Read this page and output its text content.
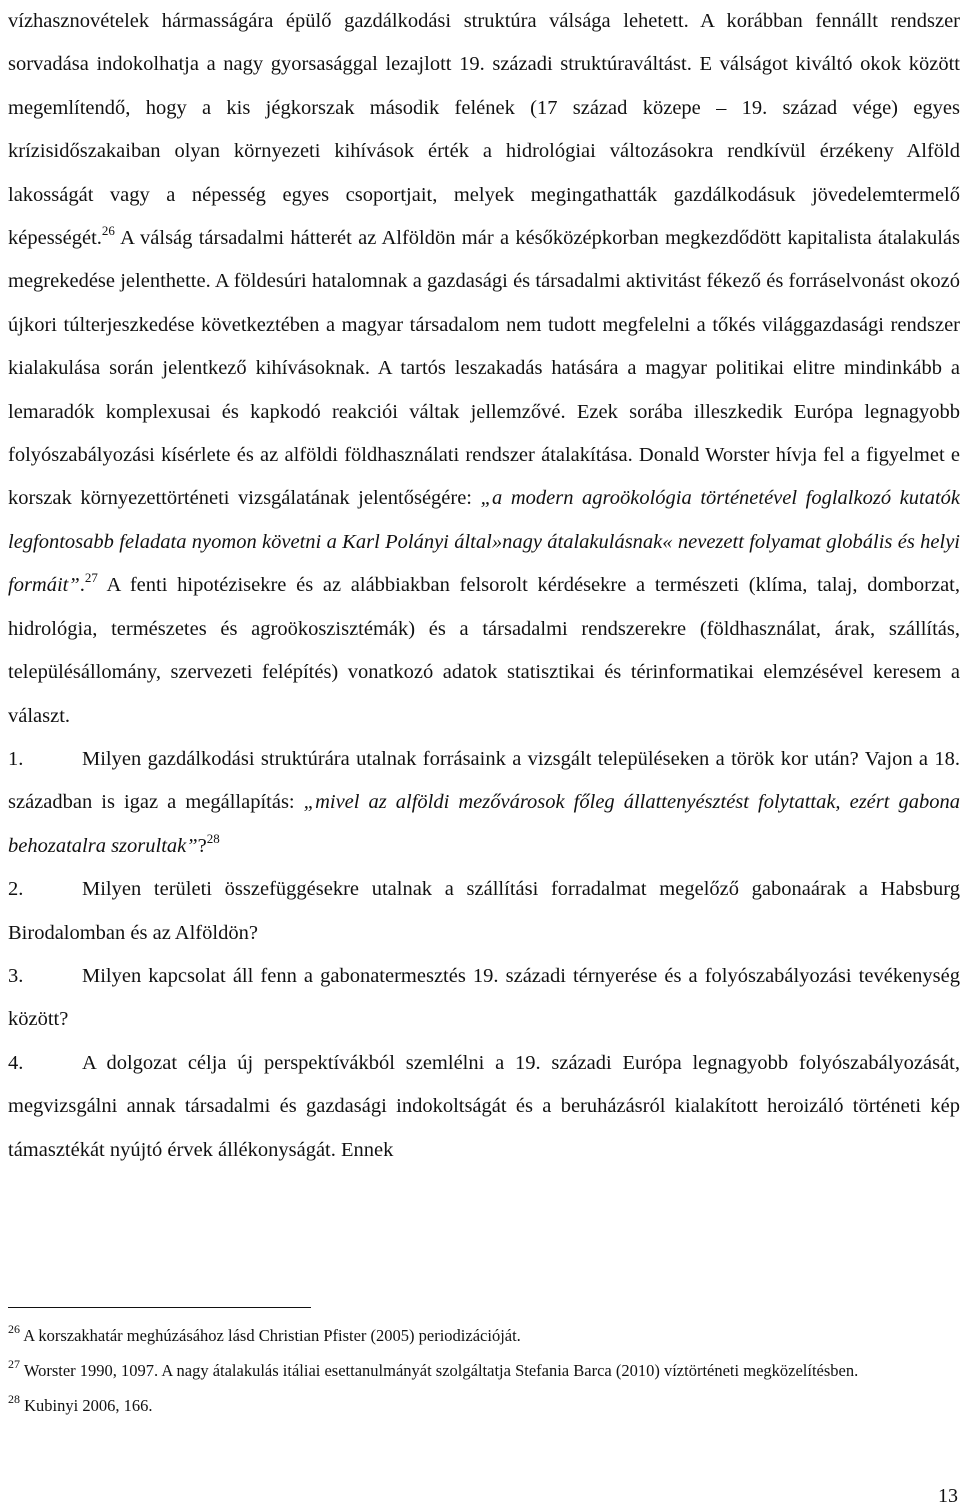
vízhasznovételek hármasságára épülő gazdálkodási struktúra válsága lehetett. A korábban fennállt rendszer sorvadása indokolhatja a nagy gyorsasággal lezajlott 19. századi struktúraváltást. E válságot kiváltó okok között megemlítendő, hogy a kis jégkorszak második felének (17 század közepe – 19. század vége) egyes krízisidőszakaiban olyan környezeti kihívások érték a hidrológiai változásokra rendkívül érzékeny Alföld lakosságát vagy a népesség egyes csoportjait, melyek megingathatták gazdálkodásuk jövedelemtermelő képességét.$^{26}$ A válság társadalmi hátterét az Alföldön már a későközépkorban megkezdődött kapitalista átalakulás megrekedése jelenthette. A földesúri hatalomnak a gazdasági és társadalmi aktivitást fékező és forráselvonást okozó újkori túlterjeszkedése következtében a magyar társadalom nem tudott megfelelni a tőkés világgazdasági rendszer kialakulása során jelentkező kihívásoknak. A tartós leszakadás hatására a magyar politikai elitre mindinkább a lemaradók komplexusai és kapkodó reakciói váltak jellemzővé. Ezek sorába illeszkedik Európa legnagyobb folyószabályozási kísérlete és az alföldi földhasználati rendszer átalakítása. Donald Worster hívja fel a figyelmet e korszak környezettörténeti vizsgálatának jelentőségére: „a modern agroökológia történetével foglalkozó kutatók legfontosabb feladata nyomon követni a Karl Polányi által»nagy átalakulásnak« nevezett folyamat globális és helyi formáit”.$^{27}$ A fenti hipotézisekre és az alábbiakban felsorolt kérdésekre a természeti (klíma, talaj, domborzat, hidrológia, természetes és agroökoszisztémák) és a társadalmi rendszerekre (földhasználat, árak, szállítás, településállomány, szervezeti felépítés) vonatkozó adatok statisztikai és térinformatikai elemzésével keresem a választ.

1.	Milyen gazdálkodási struktúrára utalnak forrásaink a vizsgált településeken a török kor után? Vajon a 18. században is igaz a megállapítás: „mivel az alföldi mezővárosok főleg állattenyésztést folytattak, ezért gabona behozatalra szorultak”?$^{28}$

2.	Milyen területi összefüggésekre utalnak a szállítási forradalmat megelőző gabonaárak a Habsburg Birodalomban és az Alföldön?

3.	Milyen kapcsolat áll fenn a gabonatermesztés 19. századi térnyerése és a folyószabályozási tevékenység között?

4.	A dolgozat célja új perspektívákból szemlélni a 19. századi Európa legnagyobb folyószabályozását, megvizsgálni annak társadalmi és gazdasági indokoltságát és a beruházásról kialakított heroizáló történeti kép támasztékát nyújtó érvek állékonyságát. Ennek

$^{26}$ A korszakhatár meghúzásához lásd Christian Pfister (2005) periodizációját.

$^{27}$ Worster 1990, 1097. A nagy átalakulás itáliai esettanulmányát szolgáltatja Stefania Barca (2010) víztörténeti megközelítésben.

$^{28}$ Kubinyi 2006, 166.

13
